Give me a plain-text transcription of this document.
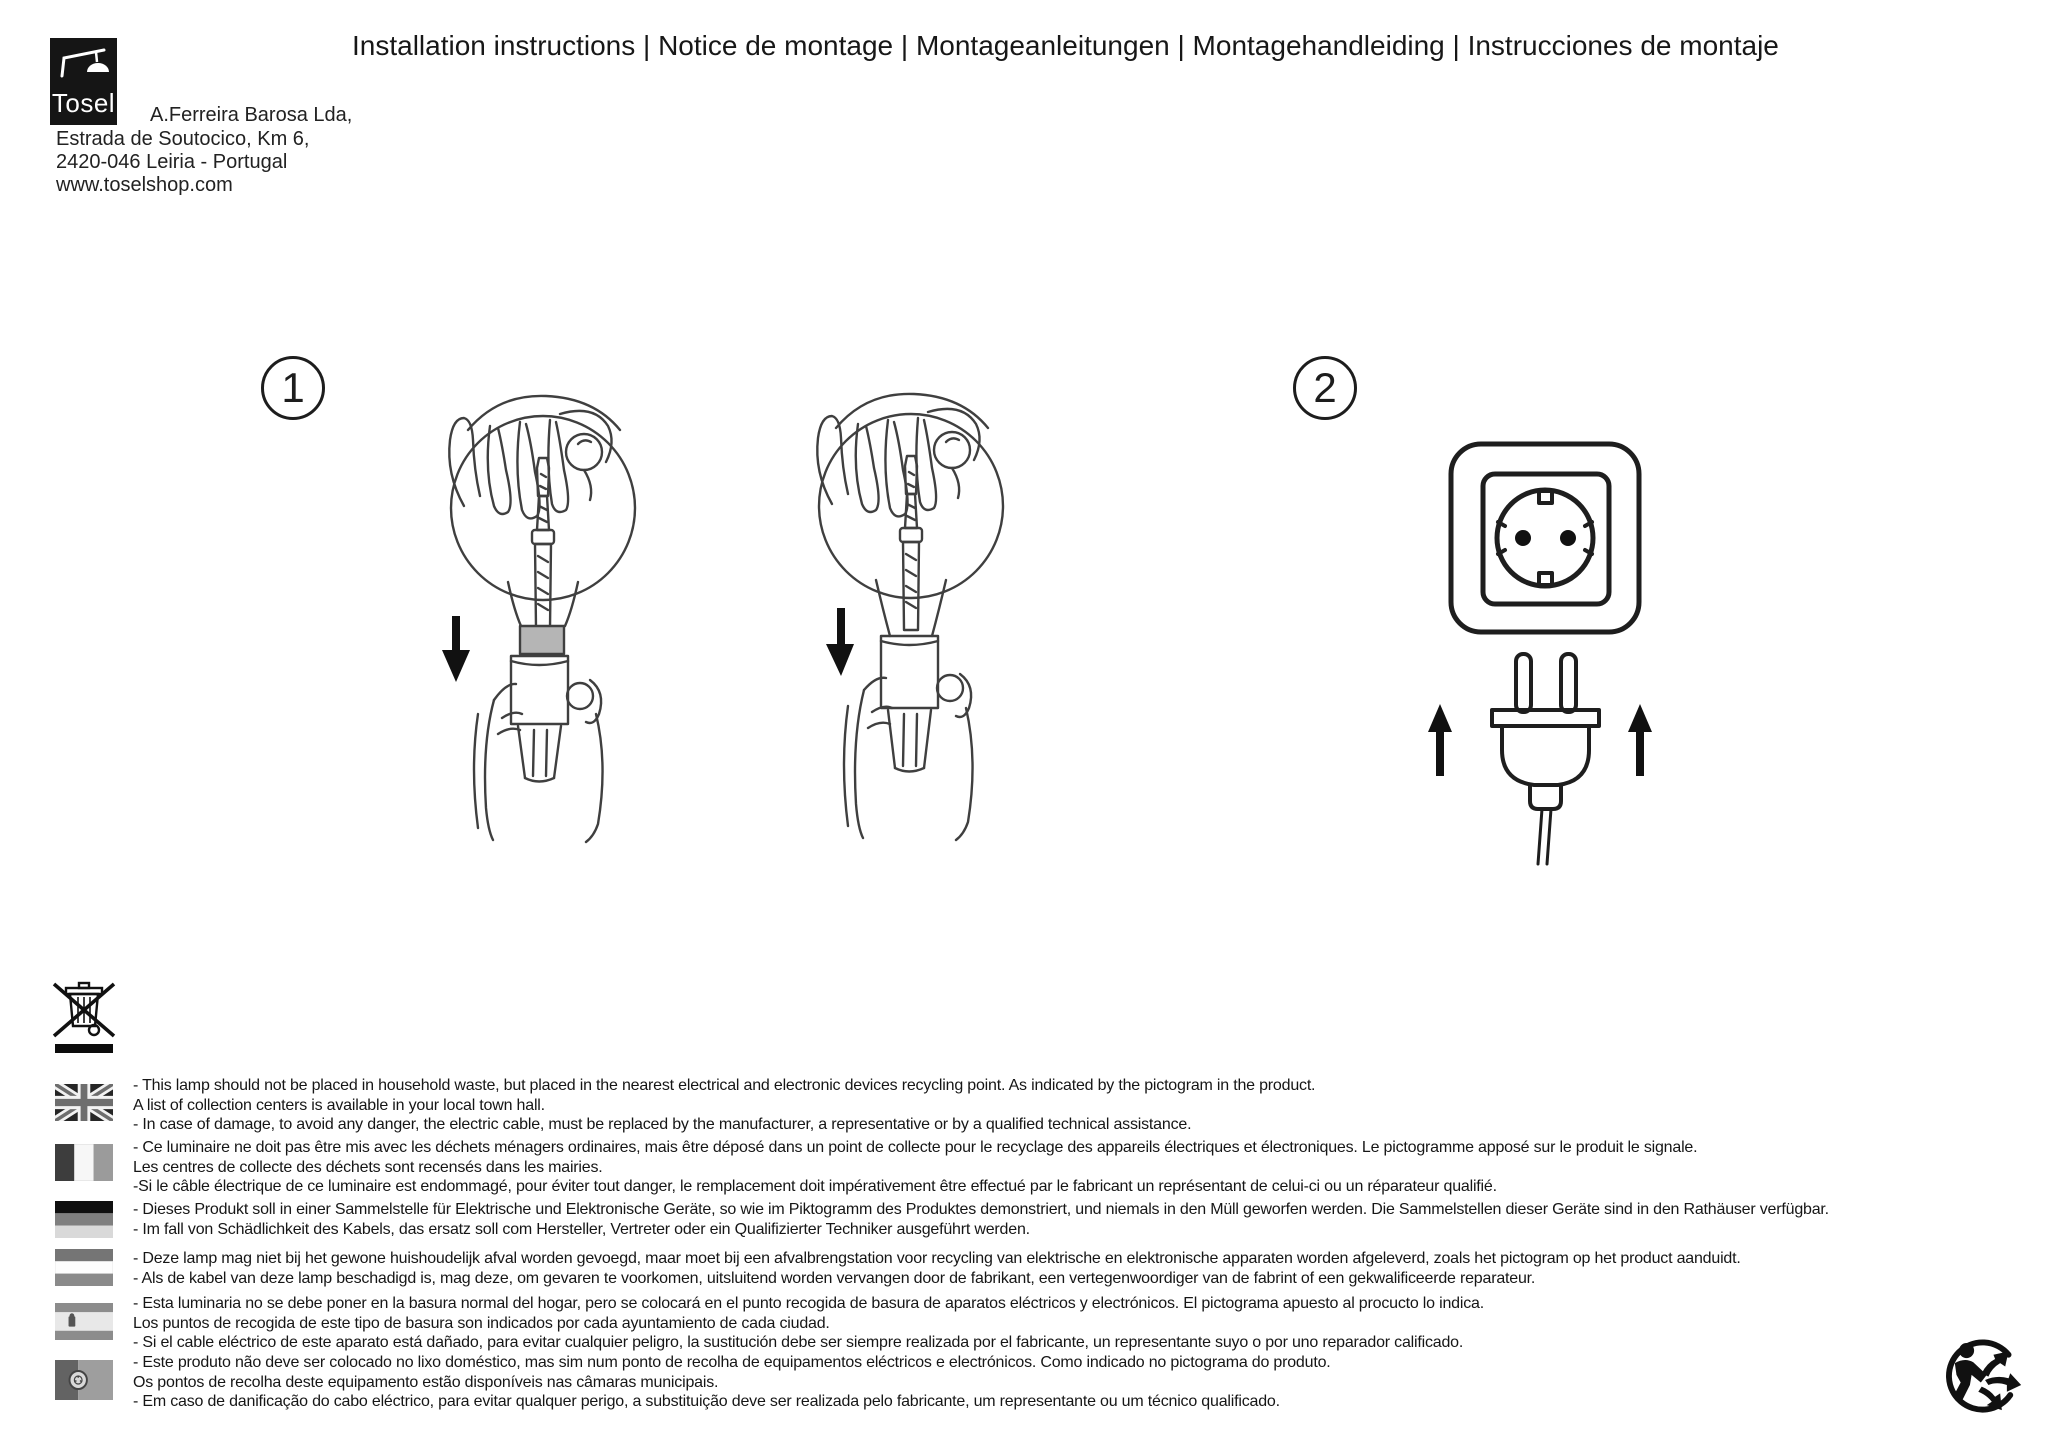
Tosel
Installation instructions | Notice de montage | Montageanleitungen | Montagehandleiding | Instrucciones de montaje
A.Ferreira Barosa Lda,
Estrada de Soutocico, Km 6,
2420-046 Leiria - Portugal
www.toselshop.com
1	2
- This lamp should not be placed in household waste, but placed in the nearest electrical and electronic devices recycling point. As indicated by the pictogram in the product.
A list of collection centers is available in your local town hall.
- In case of damage, to avoid any danger, the electric cable, must be replaced by the manufacturer, a representative or by a qualified technical assistance.
- Ce luminaire ne doit pas être mis avec les déchets ménagers ordinaires, mais être déposé dans un point de collecte pour le recyclage des appareils électriques et électroniques. Le pictogramme apposé sur le produit le signale.
Les centres de collecte des déchets sont recensés dans les mairies.
-Si le câble électrique de ce luminaire est endommagé, pour éviter tout danger, le remplacement doit impérativement être effectué par le fabricant un représentant de celui-ci ou un réparateur qualifié.
- Dieses Produkt soll in einer Sammelstelle für Elektrische und Elektronische Geräte, so wie im Piktogramm des Produktes demonstriert, und niemals in den Müll geworfen werden. Die Sammelstellen dieser Geräte sind in den Rathäuser verfügbar.
- Im fall von Schädlichkeit des Kabels, das ersatz soll com Hersteller, Vertreter oder ein Qualifizierter Techniker ausgeführt werden.
- Deze lamp mag niet bij het gewone huishoudelijk afval worden gevoegd, maar moet bij een afvalbrengstation voor recycling van elektrische en elektronische apparaten worden afgeleverd, zoals het pictogram op het product aanduidt.
- Als de kabel van deze lamp beschadigd is, mag deze, om gevaren te voorkomen, uitsluitend worden vervangen door de fabrikant, een vertegenwoordiger van de fabrint of een gekwalificeerde reparateur.
- Esta luminaria no se debe poner en la basura normal del hogar, pero se colocará en el punto recogida de basura de aparatos eléctricos y electrónicos. El pictograma apuesto al procucto lo indica.
Los puntos de recogida de este tipo de basura son indicados por cada ayuntamiento de cada ciudad.
- Si el cable eléctrico de este aparato está dañado, para evitar cualquier peligro, la sustitución debe ser siempre realizada por el fabricante, un representante suyo o por uno reparador calificado.
- Este produto não deve ser colocado no lixo doméstico, mas sim num ponto de recolha de equipamentos eléctricos e electrónicos. Como indicado no pictograma do produto.
Os pontos de recolha deste equipamento estão disponíveis nas câmaras municipais.
- Em caso de danificação do cabo eléctrico, para evitar qualquer perigo, a substituição deve ser realizada pelo fabricante, um representante ou um técnico qualificado.
